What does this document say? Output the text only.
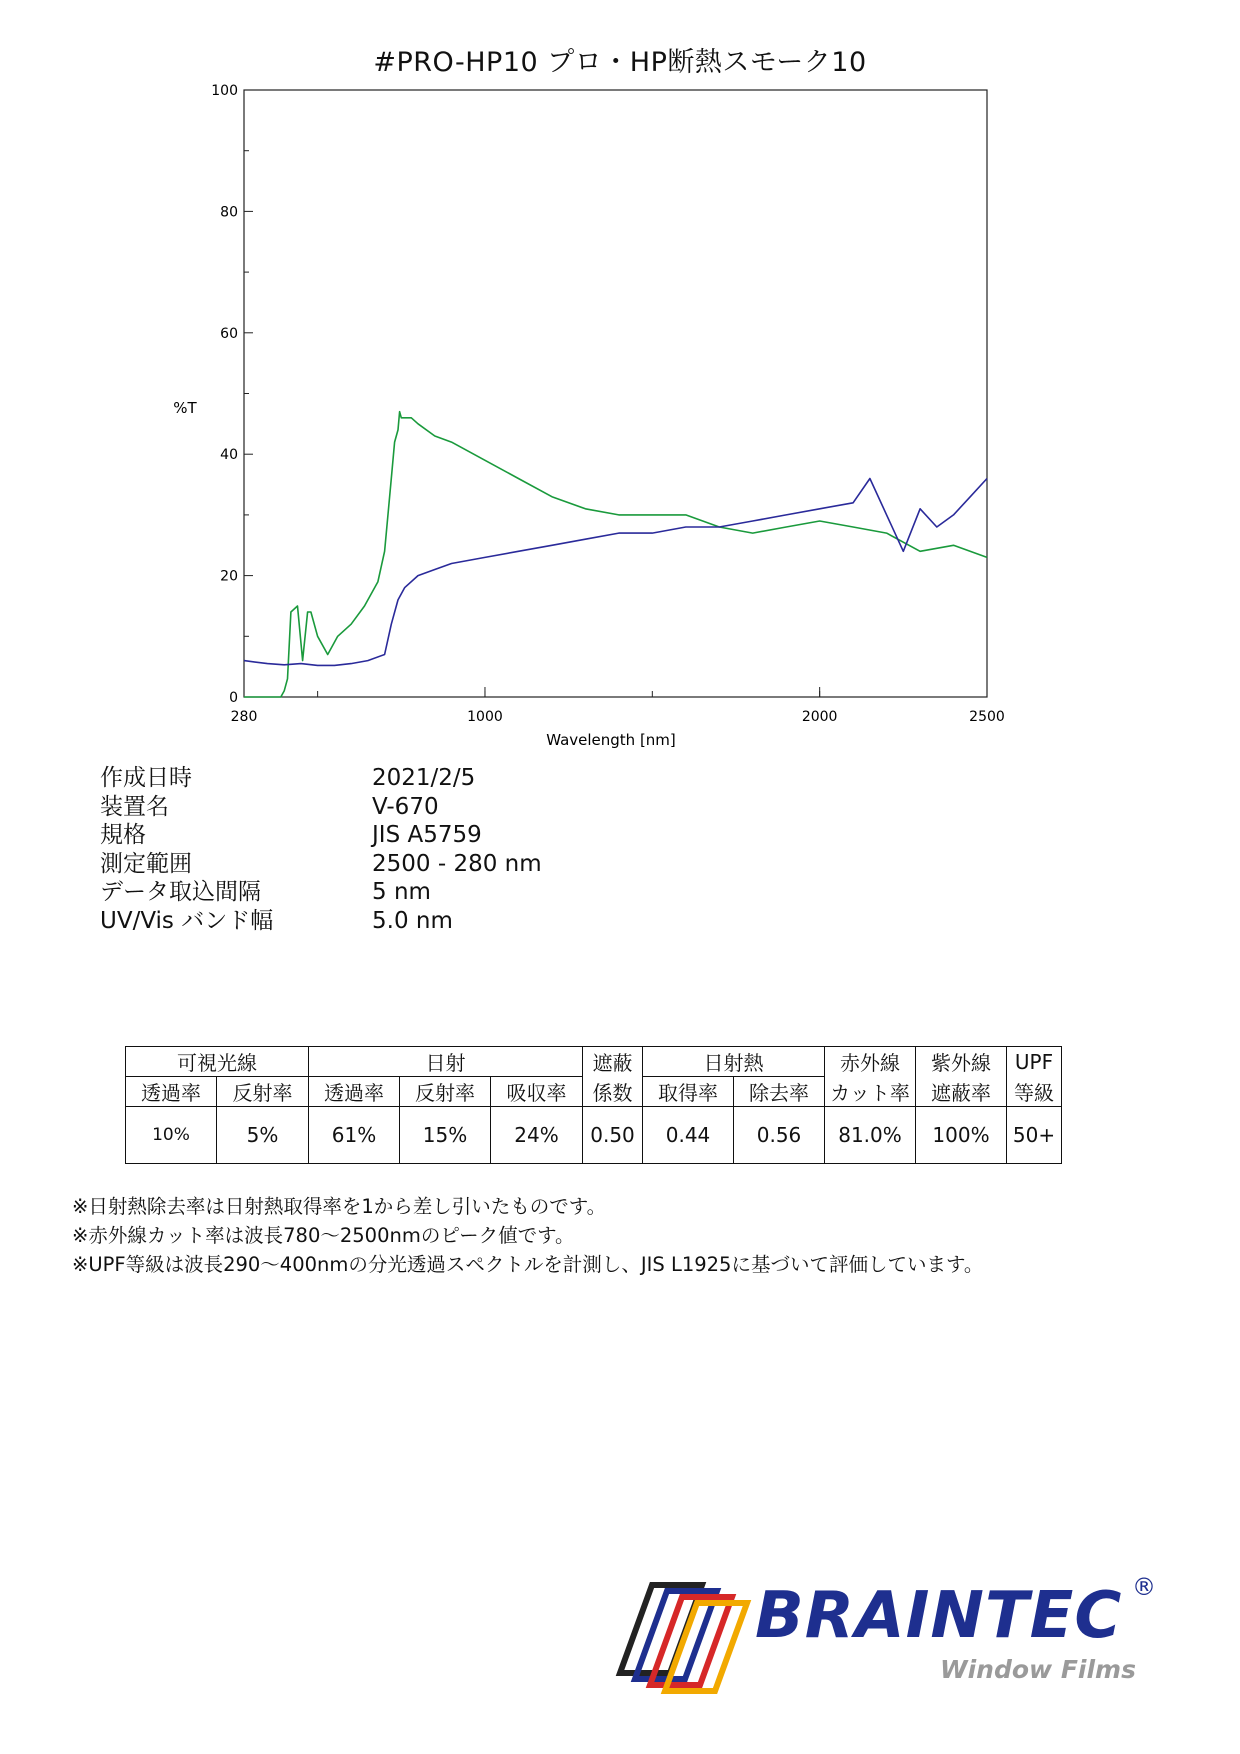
#PRO-HP10 プロ・HP断熱スモーク10
0
20
40
60
80
100
280	1000	2000	2500
%T
Wavelength [nm]
作成日時	2021/2/5
装置名	V-670
規格	JIS A5759
測定範囲	2500 - 280 nm
データ取込間隔	5 nm
UV/Vis バンド幅	5.0 nm
可視光線		日射			遮蔽	日射熱		赤外線	紫外線	UPF
透過率	反射率	透過率	反射率	吸収率	係数	取得率	除去率	カット率	遮蔽率	等級
10%	5%	61%	15%	24%	0.50	0.44	0.56	81.0%	100%	50+
※日射熱除去率は日射熱取得率を1から差し引いたものです。
※赤外線カット率は波長780〜2500nmのピーク値です。
※UPF等級は波長290〜400nmの分光透過スペクトルを計測し、JIS L1925に基づいて評価しています。
BRAINTEC ®
Window Films
